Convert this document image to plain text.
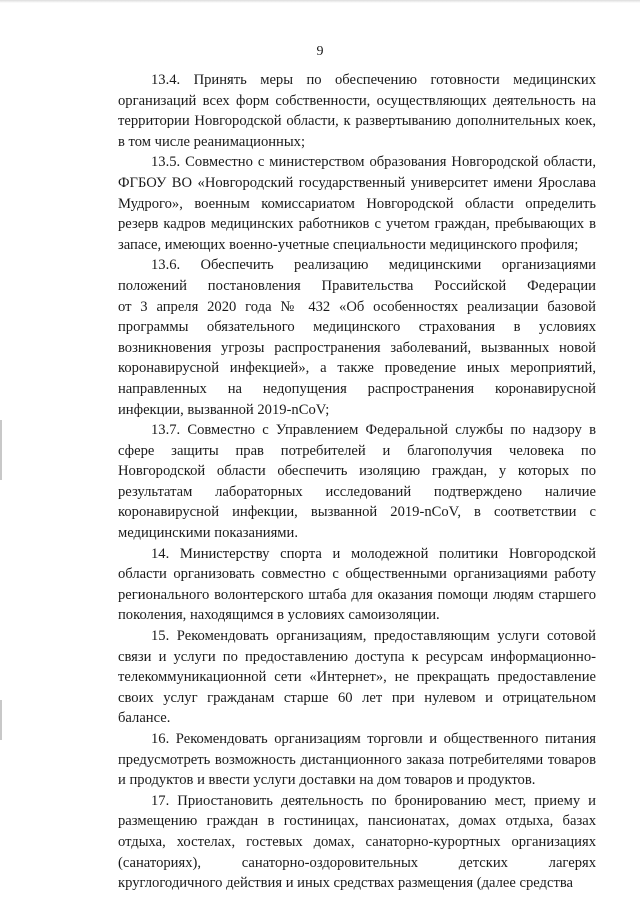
9

13.4. Принять меры по обеспечению готовности медицинских
организаций всех форм собственности, осуществляющих деятельность на
территории Новгородской области, к развертыванию дополнительных коек,
в том числе реанимационных;

13.5. Совместно с министерством образования Новгородской области,
ФГБОУ ВО «Новгородский государственный университет имени Ярослава
Мудрого», военным комиссариатом Новгородской области определить
резерв кадров медицинских работников с учетом граждан, пребывающих в
запасе, имеющих военно-учетные специальности медицинского профиля;

13.6. Обеспечить реализацию медицинскими организациями
положений постановления Правительства Российской Федерации
от 3 апреля 2020 года № 432 «Об особенностях реализации базовой
программы обязательного медицинского страхования в условиях
возникновения угрозы распространения заболеваний, вызванных новой
коронавирусной инфекцией», а также проведение иных мероприятий,
направленных на недопущения распространения коронавирусной
инфекции, вызванной 2019-nCoV;

13.7. Совместно с Управлением Федеральной службы по надзору в
сфере защиты прав потребителей и благополучия человека по
Новгородской области обеспечить изоляцию граждан, у которых по
результатам лабораторных исследований подтверждено наличие
коронавирусной инфекции, вызванной 2019-nCoV, в соответствии с
медицинскими показаниями.

14. Министерству спорта и молодежной политики Новгородской
области организовать совместно с общественными организациями работу
регионального волонтерского штаба для оказания помощи людям старшего
поколения, находящимся в условиях самоизоляции.

15. Рекомендовать организациям, предоставляющим услуги сотовой
связи и услуги по предоставлению доступа к ресурсам информационно-
телекоммуникационной сети «Интернет», не прекращать предоставление
своих услуг гражданам старше 60 лет при нулевом и отрицательном
балансе.

16. Рекомендовать организациям торговли и общественного питания
предусмотреть возможность дистанционного заказа потребителями товаров
и продуктов и ввести услуги доставки на дом товаров и продуктов.

17. Приостановить деятельность по бронированию мест, приему и
размещению граждан в гостиницах, пансионатах, домах отдыха, базах
отдыха, хостелах, гостевых домах, санаторно-курортных организациях
(санаториях), санаторно-оздоровительных детских лагерях
круглогодичного действия и иных средствах размещения (далее средства
